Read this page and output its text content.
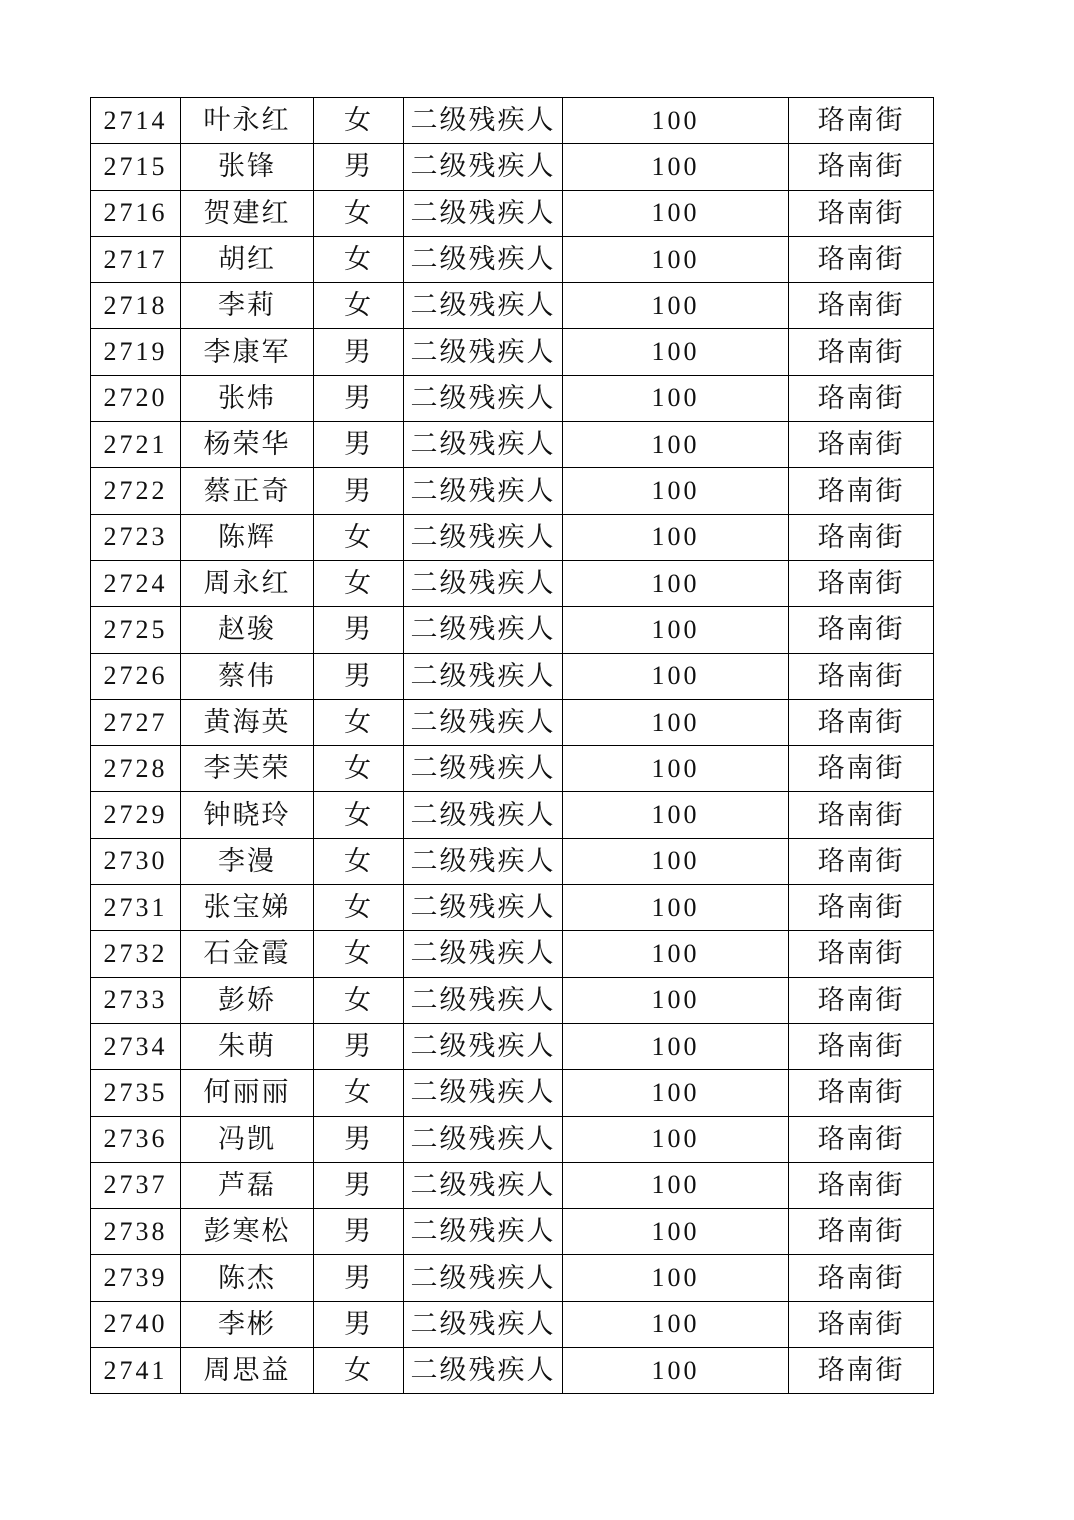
2714	叶永红	女	二级残疾人	100	珞南街
2715	张锋	男	二级残疾人	100	珞南街
2716	贺建红	女	二级残疾人	100	珞南街
2717	胡红	女	二级残疾人	100	珞南街
2718	李莉	女	二级残疾人	100	珞南街
2719	李康军	男	二级残疾人	100	珞南街
2720	张炜	男	二级残疾人	100	珞南街
2721	杨荣华	男	二级残疾人	100	珞南街
2722	蔡正奇	男	二级残疾人	100	珞南街
2723	陈辉	女	二级残疾人	100	珞南街
2724	周永红	女	二级残疾人	100	珞南街
2725	赵骏	男	二级残疾人	100	珞南街
2726	蔡伟	男	二级残疾人	100	珞南街
2727	黄海英	女	二级残疾人	100	珞南街
2728	李芙荣	女	二级残疾人	100	珞南街
2729	钟晓玲	女	二级残疾人	100	珞南街
2730	李漫	女	二级残疾人	100	珞南街
2731	张宝娣	女	二级残疾人	100	珞南街
2732	石金霞	女	二级残疾人	100	珞南街
2733	彭娇	女	二级残疾人	100	珞南街
2734	朱萌	男	二级残疾人	100	珞南街
2735	何丽丽	女	二级残疾人	100	珞南街
2736	冯凯	男	二级残疾人	100	珞南街
2737	芦磊	男	二级残疾人	100	珞南街
2738	彭寒松	男	二级残疾人	100	珞南街
2739	陈杰	男	二级残疾人	100	珞南街
2740	李彬	男	二级残疾人	100	珞南街
2741	周思益	女	二级残疾人	100	珞南街
